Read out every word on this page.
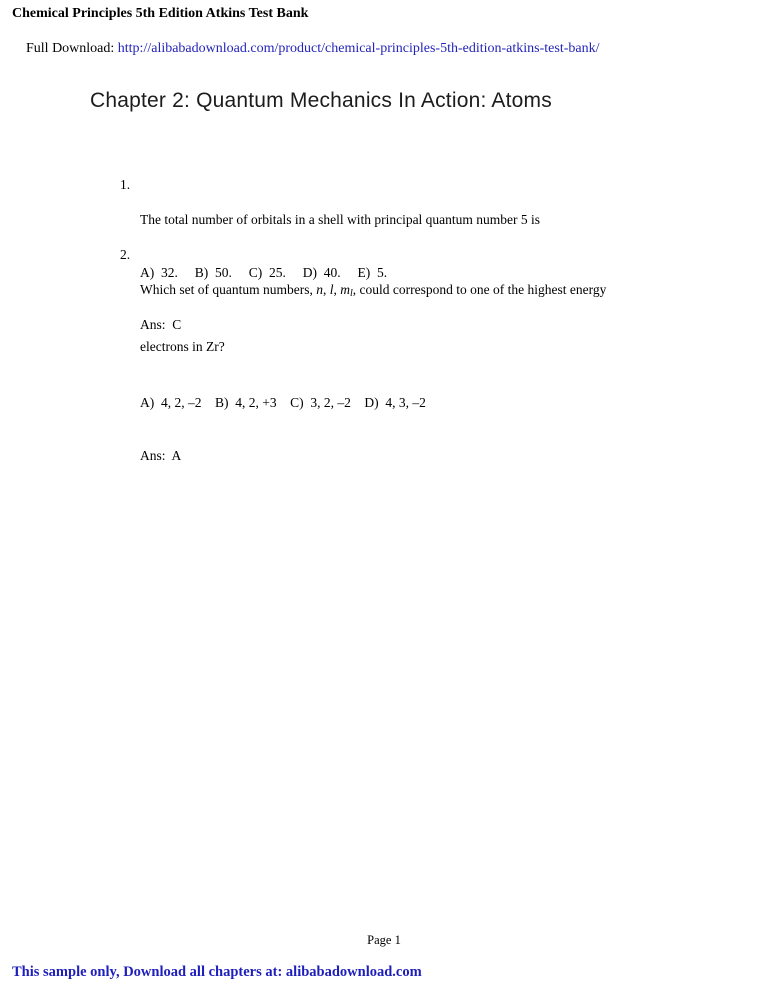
Chemical Principles 5th Edition Atkins Test Bank

Full Download: http://alibabadownload.com/product/chemical-principles-5th-edition-atkins-test-bank/

Chapter 2: Quantum Mechanics In Action: Atoms
1.

The total number of orbitals in a shell with principal quantum number 5 is

A)  32.     B)  50.     C)  25.     D)  40.     E)  5.

Ans:  C

2.

Which set of quantum numbers, n, l, ml, could correspond to one of the highest energy

electrons in Zr?

A)  4, 2, –2    B)  4, 2, +3    C)  3, 2, –2    D)  4, 3, –2

Ans:  A

Page 1
This sample only, Download all chapters at: alibabadownload.com
